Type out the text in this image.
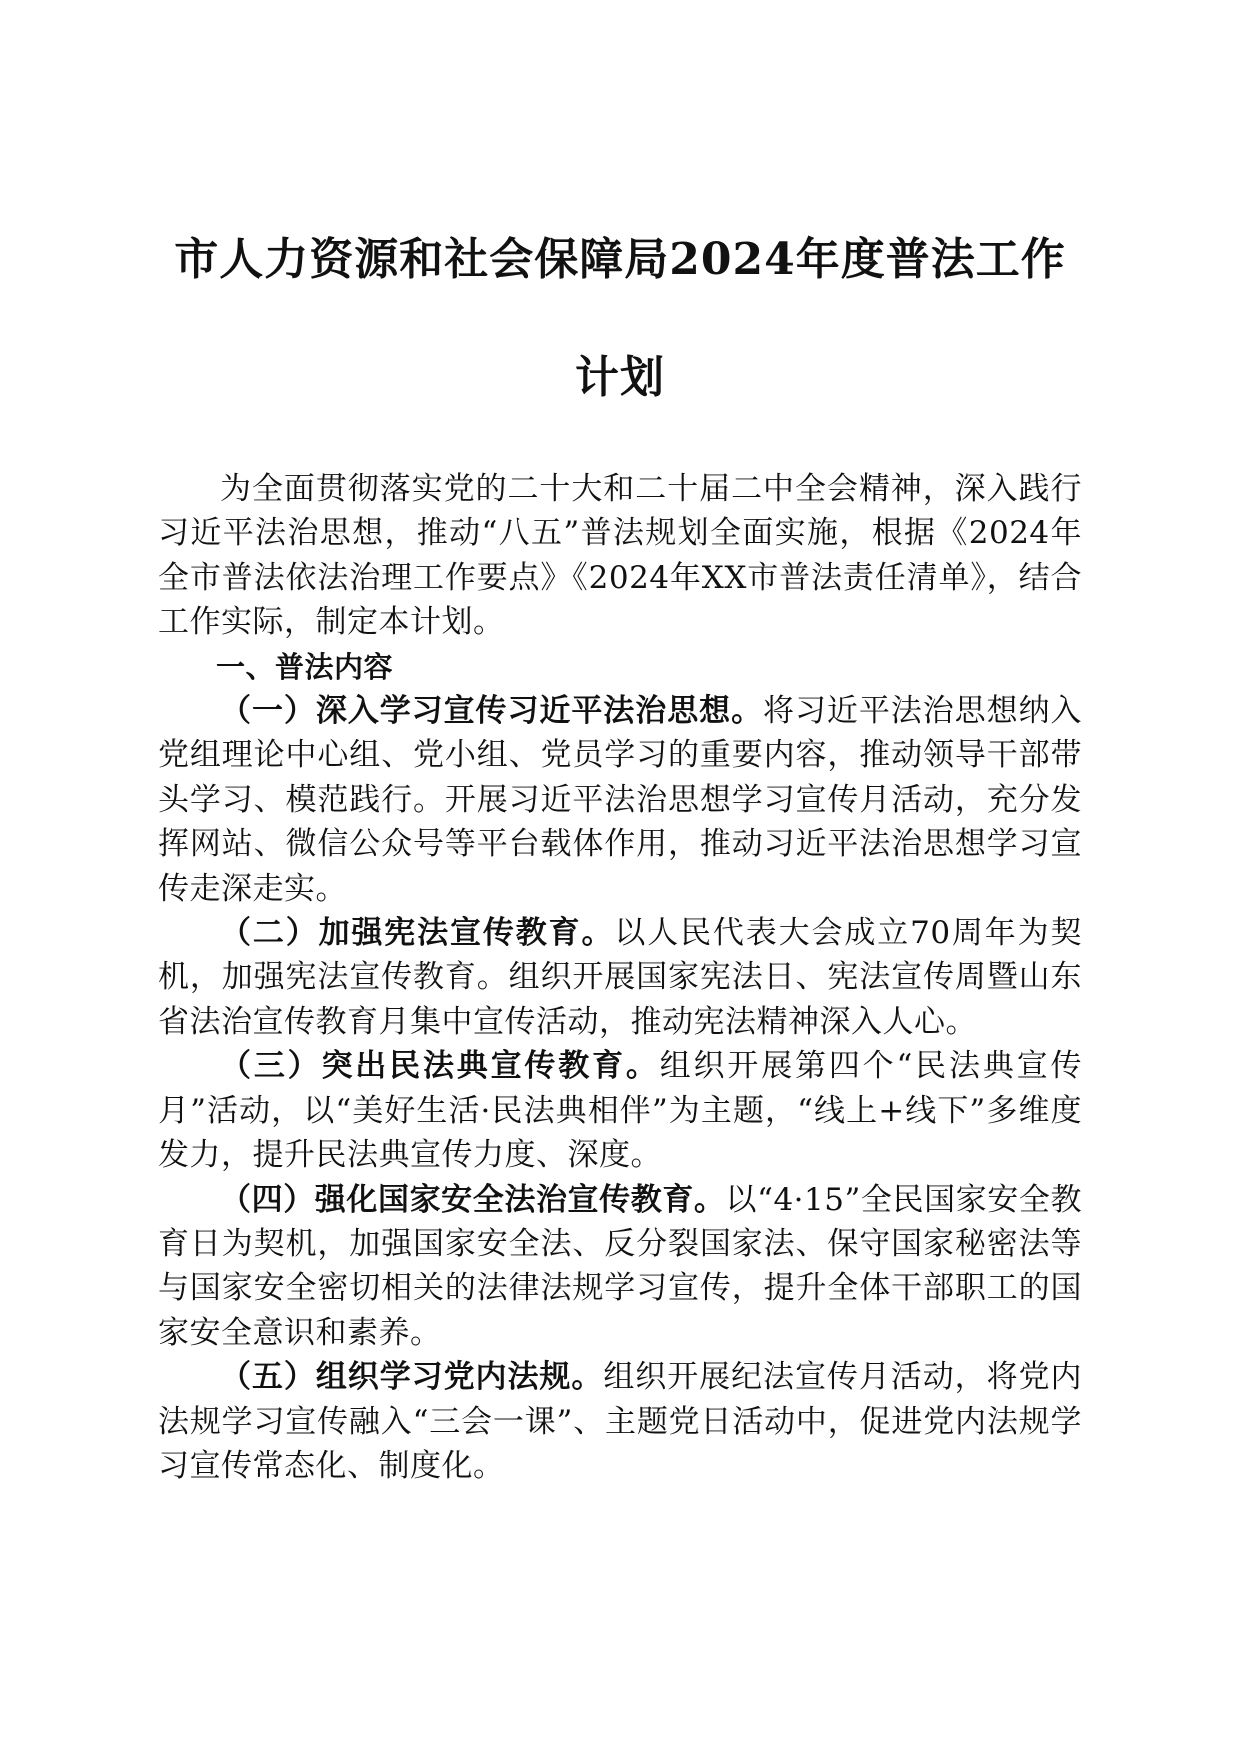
市人力资源和社会保障局2024年度普法工作
计划

为全面贯彻落实党的二十大和二十届二中全会精神，深入践行习近平法治思想，推动“八五”普法规划全面实施，根据《2024年全市普法依法治理工作要点》《2024年XX市普法责任清单》，结合工作实际，制定本计划。

一、普法内容

（一）深入学习宣传习近平法治思想。将习近平法治思想纳入党组理论中心组、党小组、党员学习的重要内容，推动领导干部带头学习、模范践行。开展习近平法治思想学习宣传月活动，充分发挥网站、微信公众号等平台载体作用，推动习近平法治思想学习宣传走深走实。

（二）加强宪法宣传教育。以人民代表大会成立70周年为契机，加强宪法宣传教育。组织开展国家宪法日、宪法宣传周暨山东省法治宣传教育月集中宣传活动，推动宪法精神深入人心。

（三）突出民法典宣传教育。组织开展第四个“民法典宣传月”活动，以“美好生活·民法典相伴”为主题，“线上+线下”多维度发力，提升民法典宣传力度、深度。

（四）强化国家安全法治宣传教育。以“4·15”全民国家安全教育日为契机，加强国家安全法、反分裂国家法、保守国家秘密法等与国家安全密切相关的法律法规学习宣传，提升全体干部职工的国家安全意识和素养。

（五）组织学习党内法规。组织开展纪法宣传月活动，将党内法规学习宣传融入“三会一课”、主题党日活动中，促进党内法规学习宣传常态化、制度化。
